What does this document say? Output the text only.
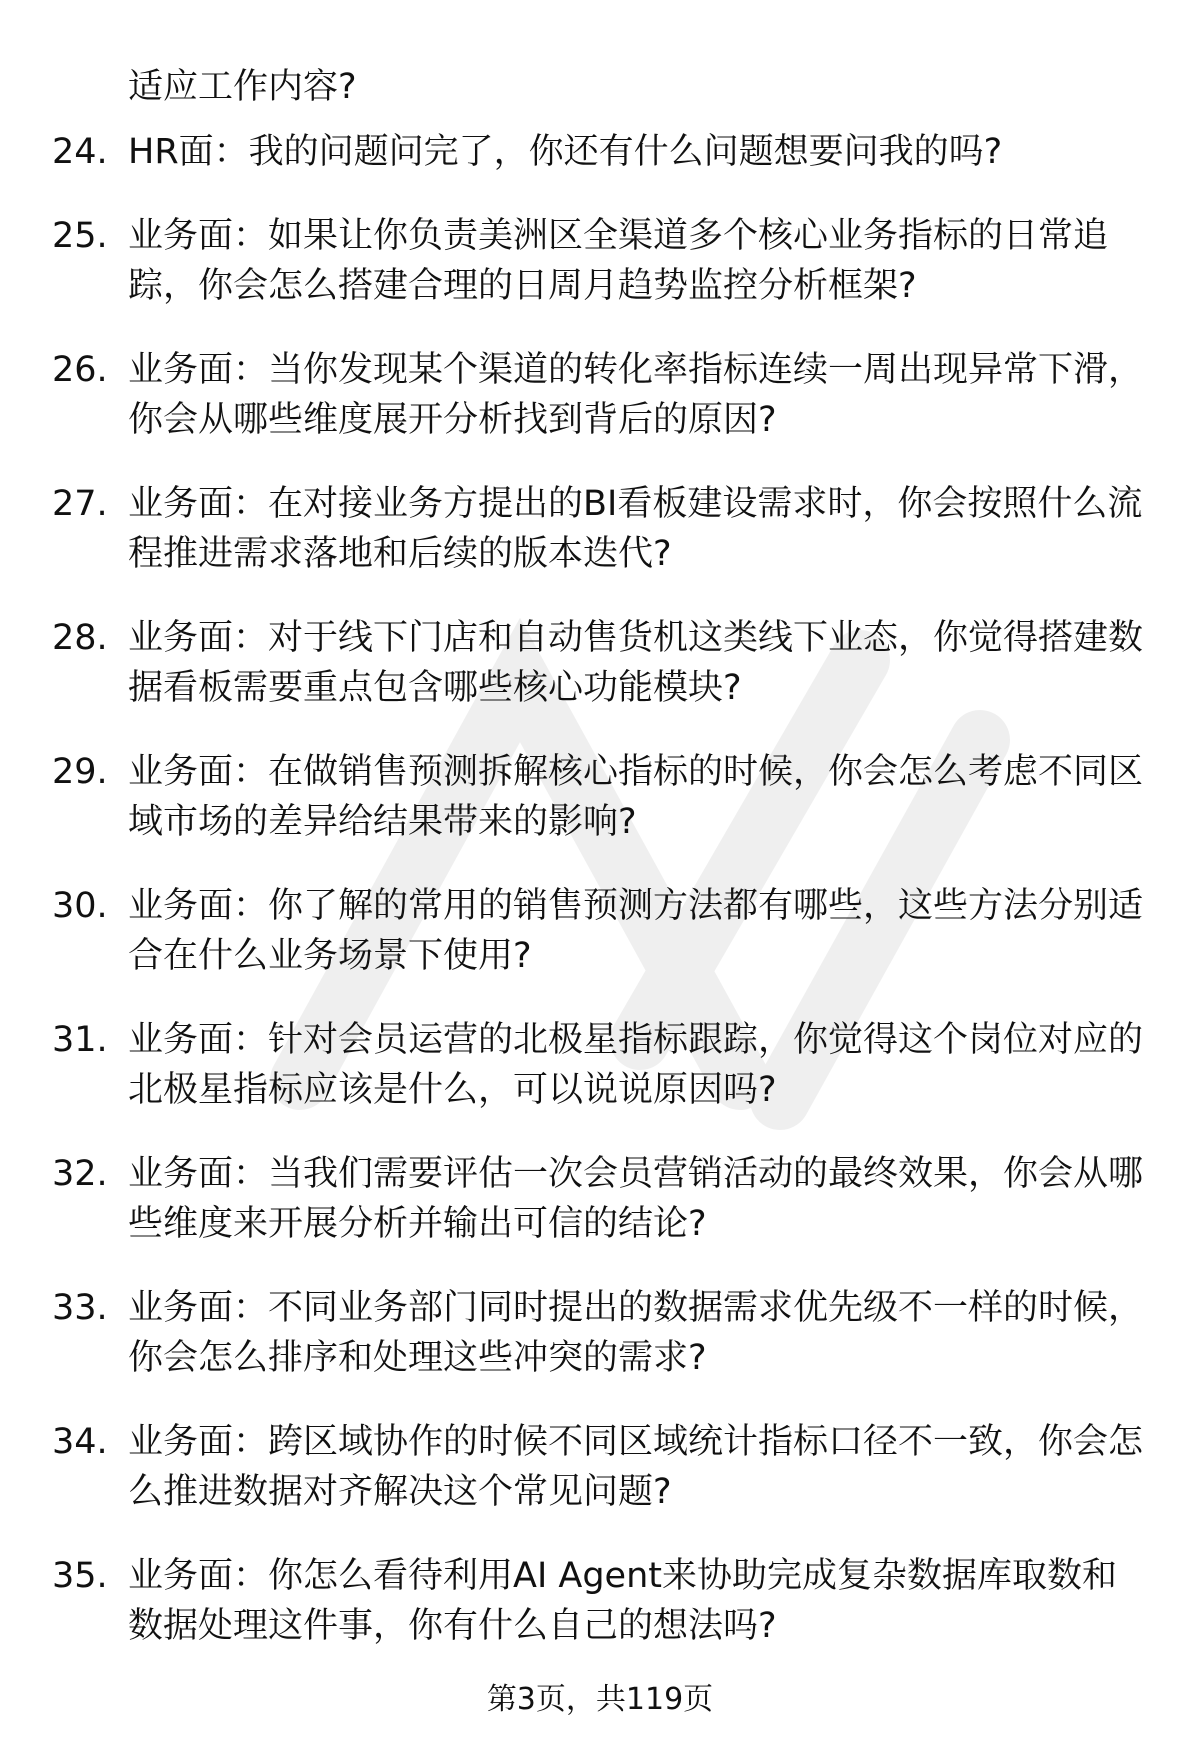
适应工作内容?

24. HR面：我的问题问完了，你还有什么问题想要问我的吗?
25. 业务面：如果让你负责美洲区全渠道多个核心业务指标的日常追踪，你会怎么搭建合理的日周月趋势监控分析框架?
26. 业务面：当你发现某个渠道的转化率指标连续一周出现异常下滑，你会从哪些维度展开分析找到背后的原因?
27. 业务面：在对接业务方提出的BI看板建设需求时，你会按照什么流程推进需求落地和后续的版本迭代?
28. 业务面：对于线下门店和自动售货机这类线下业态，你觉得搭建数据看板需要重点包含哪些核心功能模块?
29. 业务面：在做销售预测拆解核心指标的时候，你会怎么考虑不同区域市场的差异给结果带来的影响?
30. 业务面：你了解的常用的销售预测方法都有哪些，这些方法分别适合在什么业务场景下使用?
31. 业务面：针对会员运营的北极星指标跟踪，你觉得这个岗位对应的北极星指标应该是什么，可以说说原因吗?
32. 业务面：当我们需要评估一次会员营销活动的最终效果，你会从哪些维度来开展分析并输出可信的结论?
33. 业务面：不同业务部门同时提出的数据需求优先级不一样的时候，你会怎么排序和处理这些冲突的需求?
34. 业务面：跨区域协作的时候不同区域统计指标口径不一致，你会怎么推进数据对齐解决这个常见问题?
35. 业务面：你怎么看待利用AI Agent来协助完成复杂数据库取数和数据处理这件事，你有什么自己的想法吗?

第3页，共119页
